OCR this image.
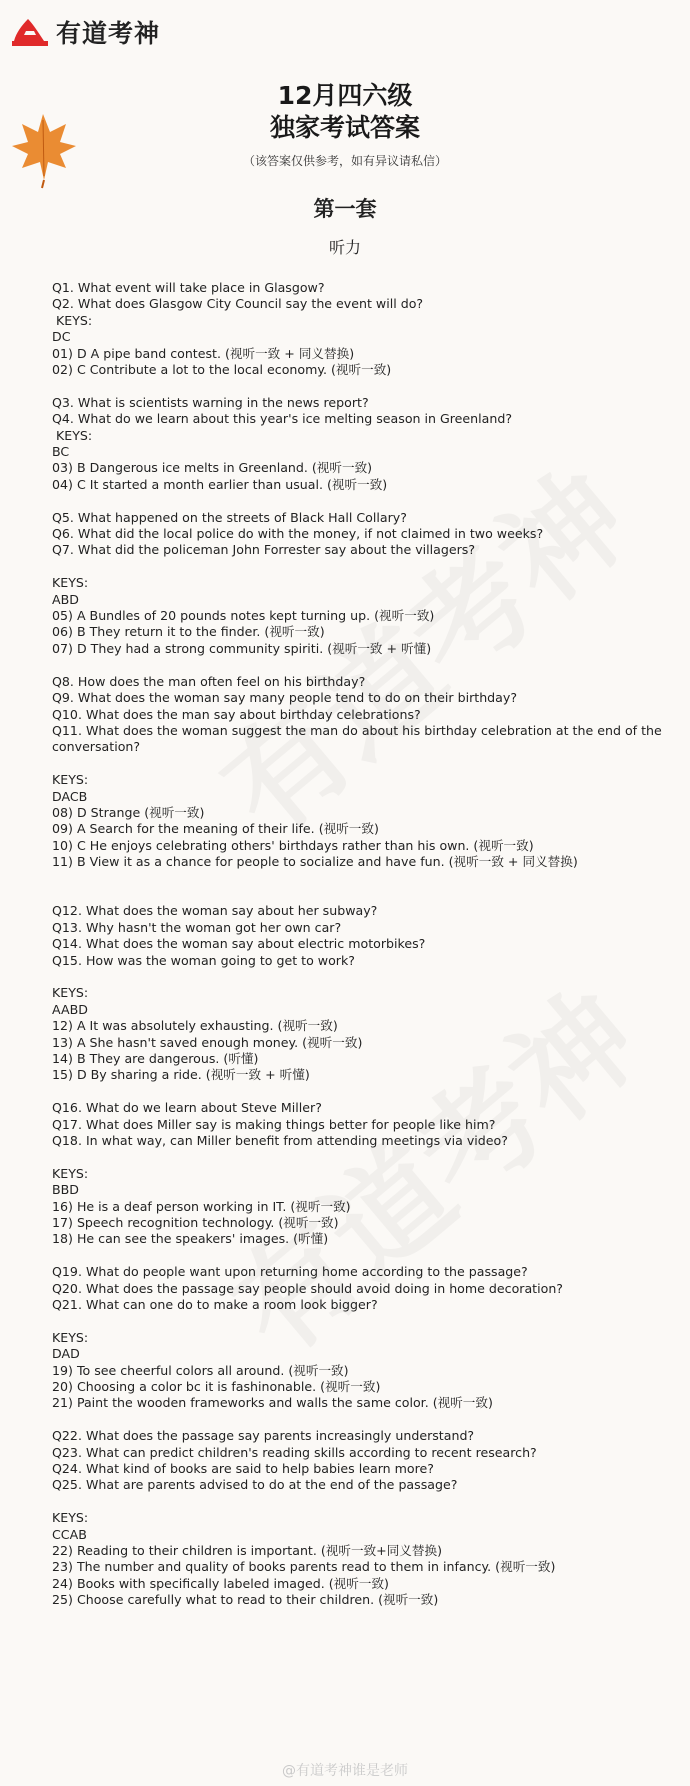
有道考神
12月四六级
独家考试答案
（该答案仅供参考，如有异议请私信）
第一套
听力
Q1. What event will take place in Glasgow?
Q2. What does Glasgow City Council say the event will do?
KEYS:
DC
01) D A pipe band contest. (视听一致 + 同义替换)
02) C Contribute a lot to the local economy. (视听一致)
Q3. What is scientists warning in the news report?
Q4. What do we learn about this year's ice melting season in Greenland?
KEYS:
BC
03) B Dangerous ice melts in Greenland. (视听一致)
04) C It started a month earlier than usual. (视听一致)
Q5. What happened on the streets of Black Hall Collary?
Q6. What did the local police do with the money, if not claimed in two weeks?
Q7. What did the policeman John Forrester say about the villagers?
KEYS:
ABD
05) A Bundles of 20 pounds notes kept turning up. (视听一致)
06) B They return it to the finder. (视听一致)
07) D They had a strong community spiriti. (视听一致 + 听懂)
Q8. How does the man often feel on his birthday?
Q9. What does the woman say many people tend to do on their birthday?
Q10. What does the man say about birthday celebrations?
Q11. What does the woman suggest the man do about his birthday celebration at the end of the
conversation?
KEYS:
DACB
08) D Strange (视听一致)
09) A Search for the meaning of their life. (视听一致)
10) C He enjoys celebrating others' birthdays rather than his own. (视听一致)
11) B View it as a chance for people to socialize and have fun. (视听一致 + 同义替换)
Q12. What does the woman say about her subway?
Q13. Why hasn't the woman got her own car?
Q14. What does the woman say about electric motorbikes?
Q15. How was the woman going to get to work?
KEYS:
AABD
12) A It was absolutely exhausting. (视听一致)
13) A She hasn't saved enough money. (视听一致)
14) B They are dangerous. (听懂)
15) D By sharing a ride. (视听一致 + 听懂)
Q16. What do we learn about Steve Miller?
Q17. What does Miller say is making things better for people like him?
Q18. In what way, can Miller benefit from attending meetings via video?
KEYS:
BBD
16) He is a deaf person working in IT. (视听一致)
17) Speech recognition technology. (视听一致)
18) He can see the speakers' images. (听懂)
Q19. What do people want upon returning home according to the passage?
Q20. What does the passage say people should avoid doing in home decoration?
Q21. What can one do to make a room look bigger?
KEYS:
DAD
19) To see cheerful colors all around. (视听一致)
20) Choosing a color bc it is fashinonable. (视听一致)
21) Paint the wooden frameworks and walls the same color. (视听一致)
Q22. What does the passage say parents increasingly understand?
Q23. What can predict children's reading skills according to recent research?
Q24. What kind of books are said to help babies learn more?
Q25. What are parents advised to do at the end of the passage?
KEYS:
CCAB
22) Reading to their children is important. (视听一致+同义替换)
23) The number and quality of books parents read to them in infancy. (视听一致)
24) Books with specifically labeled imaged. (视听一致)
25) Choose carefully what to read to their children. (视听一致)
@有道考神谁是老师
